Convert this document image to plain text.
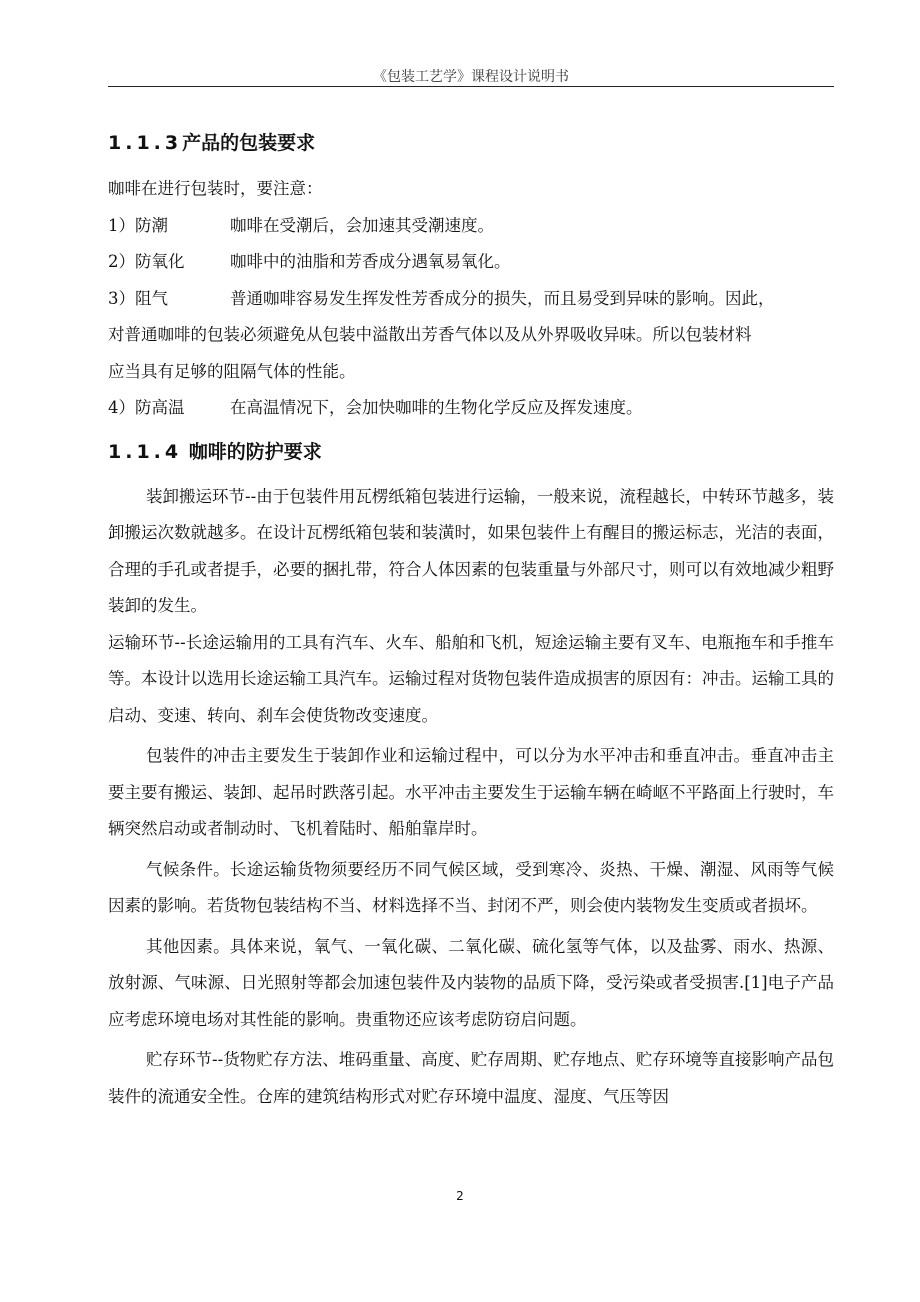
《包装工艺学》课程设计说明书
1.1.3产品的包装要求

咖啡在进行包装时，要注意：

1）防潮	咖啡在受潮后，会加速其受潮速度。
2）防氧化	咖啡中的油脂和芳香成分遇氧易氧化。
3）阻气	普通咖啡容易发生挥发性芳香成分的损失，而且易受到异味的影响。因此，

对普通咖啡的包装必须避免从包装中溢散出芳香气体以及从外界吸收异味。所以包装材料

应当具有足够的阻隔气体的性能。

4）防高温	在高温情况下，会加快咖啡的生物化学反应及挥发速度。
1.1.4 咖啡的防护要求

装卸搬运环节--由于包装件用瓦楞纸箱包装进行运输，一般来说，流程越长，中转环节越多，装卸搬运次数就越多。在设计瓦楞纸箱包装和装潢时，如果包装件上有醒目的搬运标志，光洁的表面，合理的手孔或者提手，必要的捆扎带，符合人体因素的包装重量与外部尺寸，则可以有效地减少粗野装卸的发生。

运输环节--长途运输用的工具有汽车、火车、船舶和飞机，短途运输主要有叉车、电瓶拖车和手推车等。本设计以选用长途运输工具汽车。运输过程对货物包装件造成损害的原因有：冲击。运输工具的启动、变速、转向、刹车会使货物改变速度。

包装件的冲击主要发生于装卸作业和运输过程中，可以分为水平冲击和垂直冲击。垂直冲击主要主要有搬运、装卸、起吊时跌落引起。水平冲击主要发生于运输车辆在崎岖不平路面上行驶时，车辆突然启动或者制动时、飞机着陆时、船舶靠岸时。

气候条件。长途运输货物须要经历不同气候区域，受到寒冷、炎热、干燥、潮湿、风雨等气候因素的影响。若货物包装结构不当、材料选择不当、封闭不严，则会使内装物发生变质或者损坏。

其他因素。具体来说，氧气、一氧化碳、二氧化碳、硫化氢等气体，以及盐雾、雨水、热源、放射源、气味源、日光照射等都会加速包装件及内装物的品质下降，受污染或者受损害.[1]电子产品应考虑环境电场对其性能的影响。贵重物还应该考虑防窃启问题。

贮存环节--货物贮存方法、堆码重量、高度、贮存周期、贮存地点、贮存环境等直接影响产品包装件的流通安全性。仓库的建筑结构形式对贮存环境中温度、湿度、气压等因

2
